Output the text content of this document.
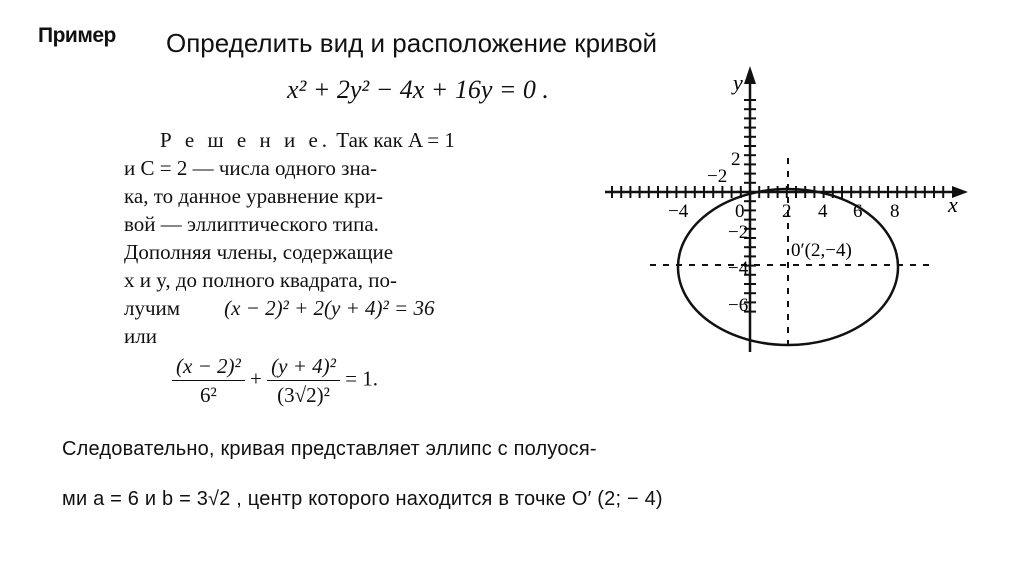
Пример Определить вид и расположение кривой
x² + 2y² − 4x + 16y = 0 .
Р е ш е н и е. Так как A = 1
и C = 2 — числа одного зна-
ка, то данное уравнение кри-
вой — эллиптического типа.
Дополняя члены, содержащие
x и y, до полного квадрата, по-
лучим (x − 2)² + 2(y + 4)² = 36
или
$\frac{\text{(x − 2)²}}{\text{6²}} + \frac{\text{(y + 4)²}}{\text{(3√2)²}} = 1$.
Следовательно, кривая представляет эллипс с полуося-
ми a = 6 и b = 3√2 , центр которого находится в точке O′ (2; − 4)
x
y
−4 0 2 4 6 8
2
−2
−2
−4
−6
0′(2,−4)
